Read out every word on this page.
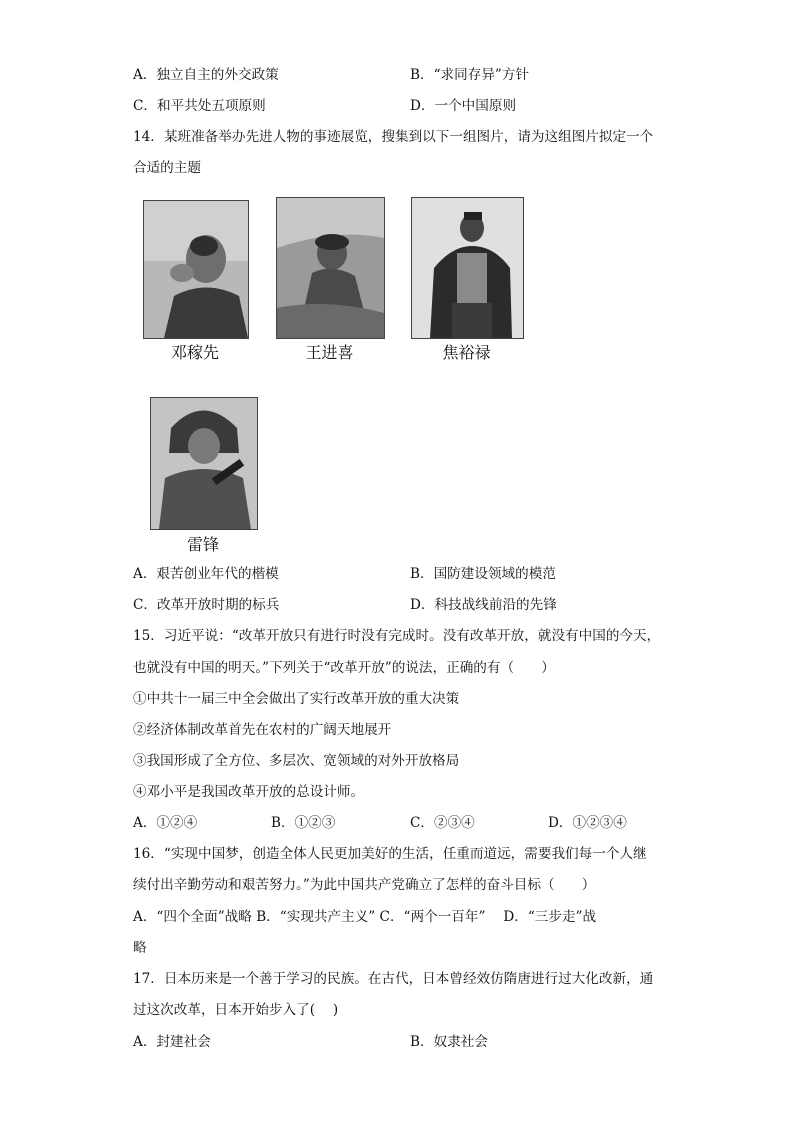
A．独立自主的外交政策	B．“求同存异”方针
C．和平共处五项原则	D．一个中国原则
14．某班准备举办先进人物的事迹展览，搜集到以下一组图片，请为这组图片拟定一个
合适的主题
邓稼先	王进喜	焦裕禄
雷锋
A．艰苦创业年代的楷模	B．国防建设领域的模范
C．改革开放时期的标兵	D．科技战线前沿的先锋
15．习近平说：“改革开放只有进行时没有完成时。没有改革开放，就没有中国的今天，
也就没有中国的明天。”下列关于“改革开放”的说法，正确的有（　　）
①中共十一届三中全会做出了实行改革开放的重大决策
②经济体制改革首先在农村的广阔天地展开
③我国形成了全方位、多层次、宽领域的对外开放格局
④邓小平是我国改革开放的总设计师。
A．①②④	B．①②③	C．②③④	D．①②③④
16．“实现中国梦，创造全体人民更加美好的生活，任重而道远，需要我们每一个人继
续付出辛勤劳动和艰苦努力。”为此中国共产党确立了怎样的奋斗目标（　　）
A．“四个全面”战略 B．“实现共产主义” C．“两个一百年”　 D．“三步走”战
略
17．日本历来是一个善于学习的民族。在古代，日本曾经效仿隋唐进行过大化改新，通
过这次改革，日本开始步入了(　 )
A．封建社会	B．奴隶社会
